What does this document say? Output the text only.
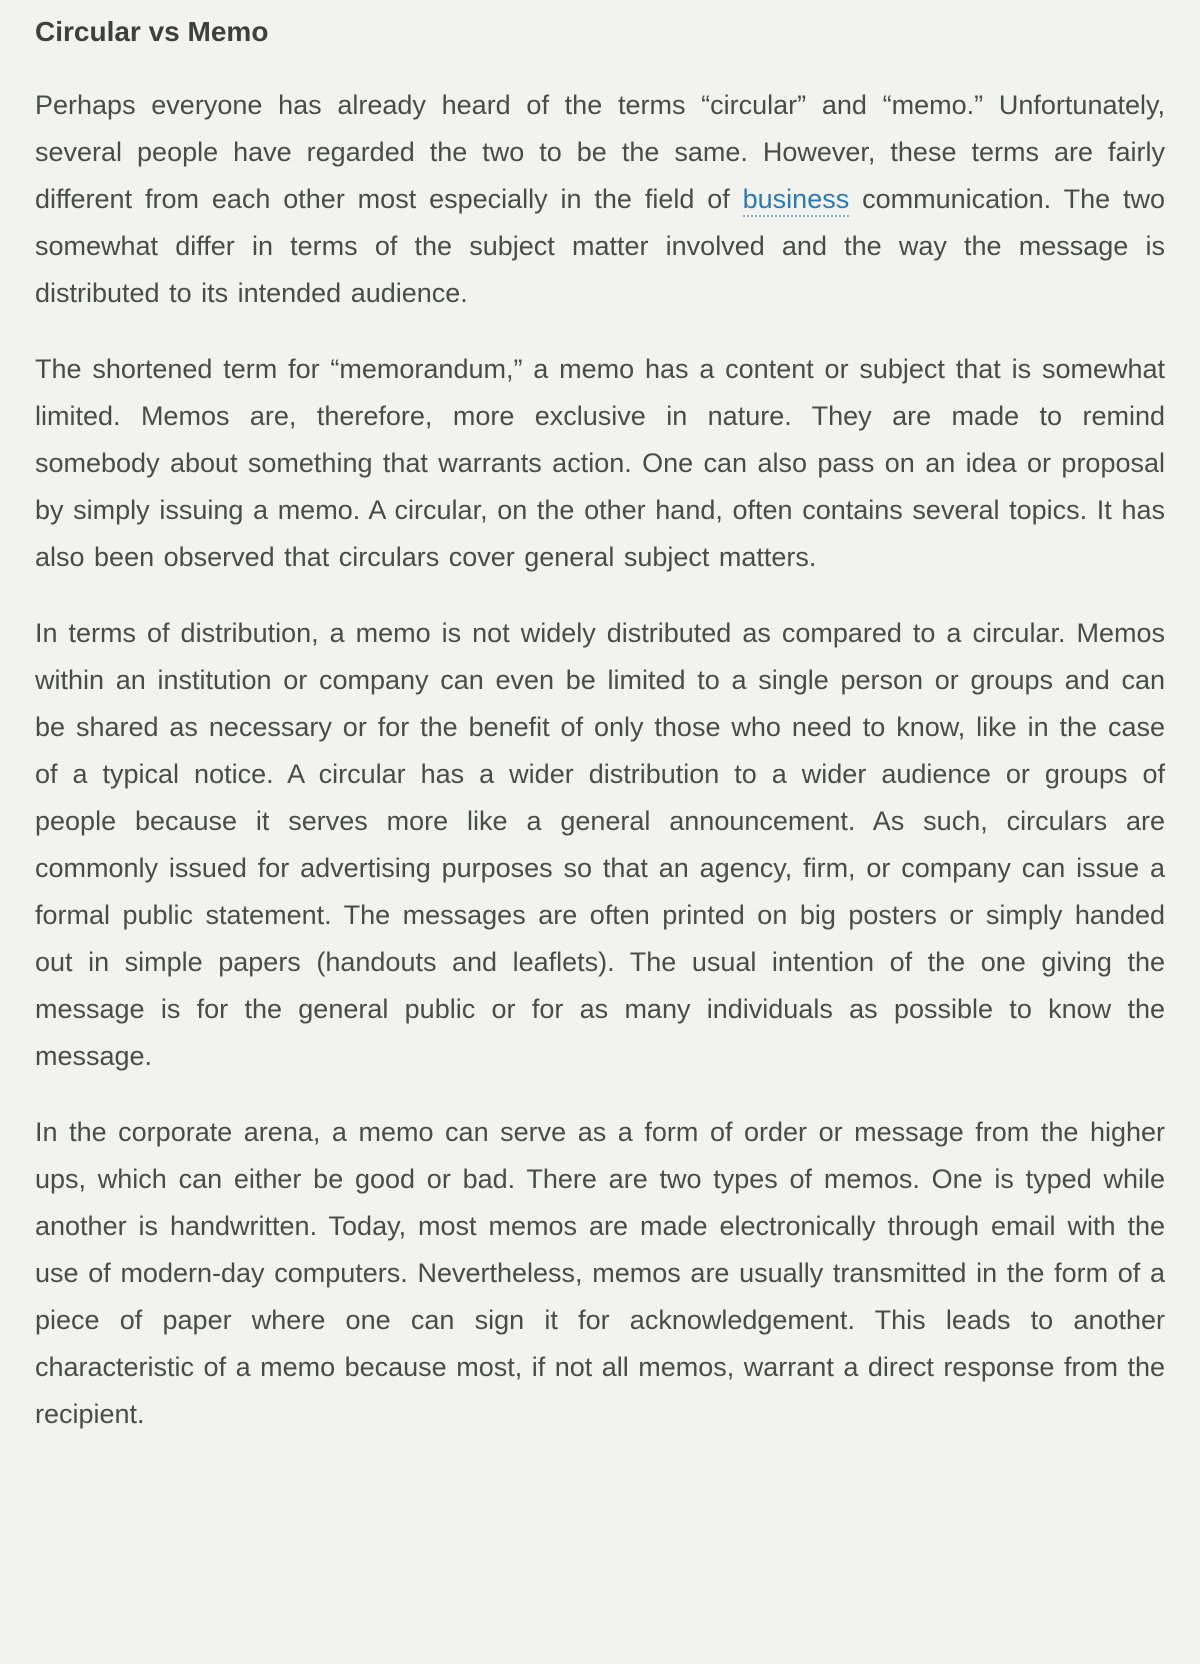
Circular vs Memo

Perhaps everyone has already heard of the terms “circular” and “memo.” Unfortunately, several people have regarded the two to be the same. However, these terms are fairly different from each other most especially in the field of business communication. The two somewhat differ in terms of the subject matter involved and the way the message is distributed to its intended audience.

The shortened term for “memorandum,” a memo has a content or subject that is somewhat limited. Memos are, therefore, more exclusive in nature. They are made to remind somebody about something that warrants action. One can also pass on an idea or proposal by simply issuing a memo. A circular, on the other hand, often contains several topics. It has also been observed that circulars cover general subject matters.

In terms of distribution, a memo is not widely distributed as compared to a circular. Memos within an institution or company can even be limited to a single person or groups and can be shared as necessary or for the benefit of only those who need to know, like in the case of a typical notice. A circular has a wider distribution to a wider audience or groups of people because it serves more like a general announcement. As such, circulars are commonly issued for advertising purposes so that an agency, firm, or company can issue a formal public statement. The messages are often printed on big posters or simply handed out in simple papers (handouts and leaflets). The usual intention of the one giving the message is for the general public or for as many individuals as possible to know the message.

In the corporate arena, a memo can serve as a form of order or message from the higher ups, which can either be good or bad. There are two types of memos. One is typed while another is handwritten. Today, most memos are made electronically through email with the use of modern-day computers. Nevertheless, memos are usually transmitted in the form of a piece of paper where one can sign it for acknowledgement. This leads to another characteristic of a memo because most, if not all memos, warrant a direct response from the recipient.
